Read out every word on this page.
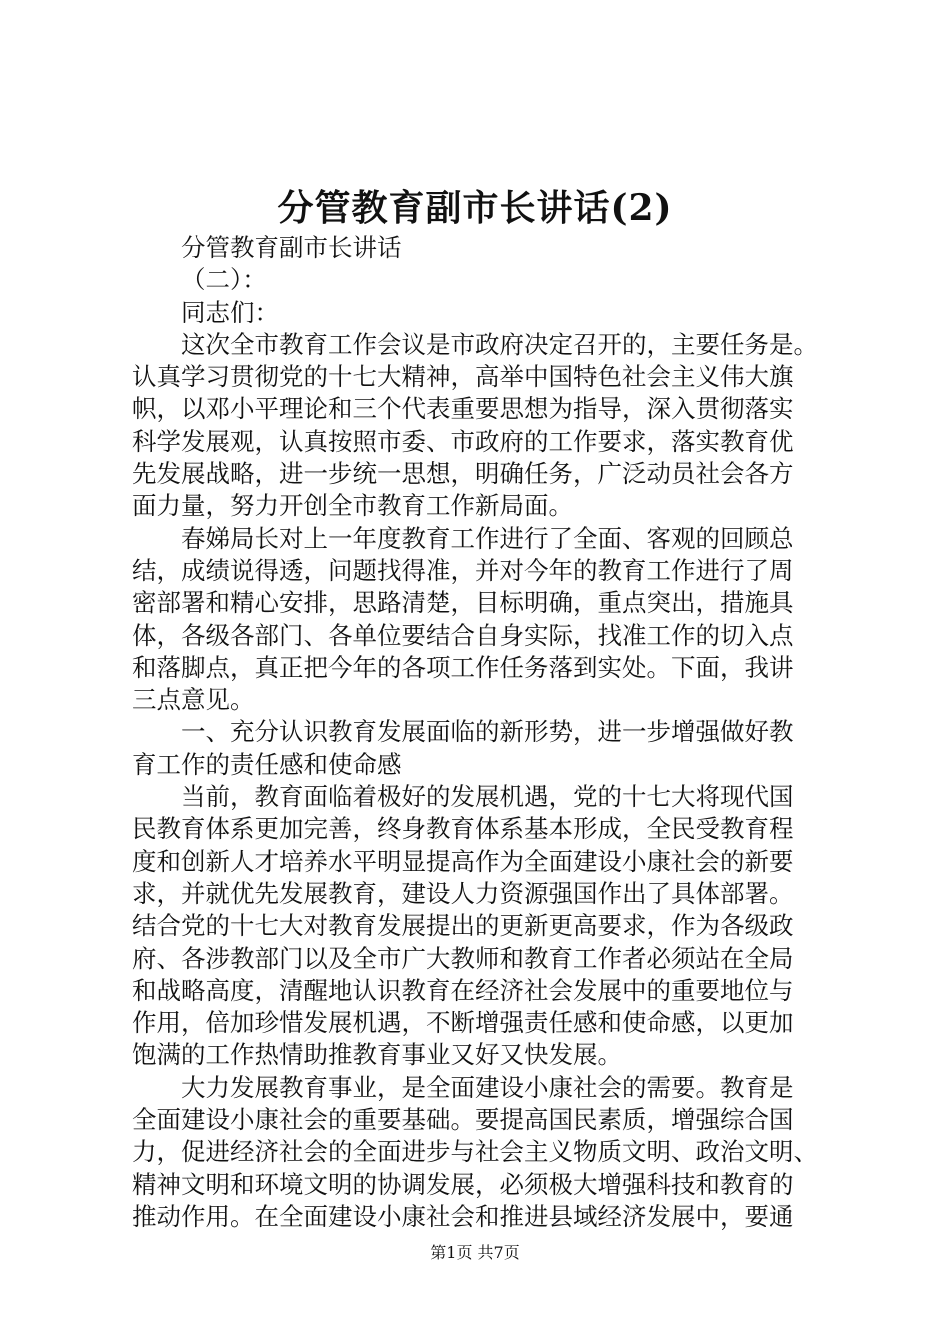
分管教育副市长讲话(2)
分管教育副市长讲话
（二）：
同志们：
这次全市教育工作会议是市政府决定召开的，主要任务是。
认真学习贯彻党的十七大精神，高举中国特色社会主义伟大旗
帜，以邓小平理论和三个代表重要思想为指导，深入贯彻落实
科学发展观，认真按照市委、市政府的工作要求，落实教育优
先发展战略，进一步统一思想，明确任务，广泛动员社会各方
面力量，努力开创全市教育工作新局面。
春娣局长对上一年度教育工作进行了全面、客观的回顾总
结，成绩说得透，问题找得准，并对今年的教育工作进行了周
密部署和精心安排，思路清楚，目标明确，重点突出，措施具
体，各级各部门、各单位要结合自身实际，找准工作的切入点
和落脚点，真正把今年的各项工作任务落到实处。下面，我讲
三点意见。
一、充分认识教育发展面临的新形势，进一步增强做好教
育工作的责任感和使命感
当前，教育面临着极好的发展机遇，党的十七大将现代国
民教育体系更加完善，终身教育体系基本形成，全民受教育程
度和创新人才培养水平明显提高作为全面建设小康社会的新要
求，并就优先发展教育，建设人力资源强国作出了具体部署。
结合党的十七大对教育发展提出的更新更高要求，作为各级政
府、各涉教部门以及全市广大教师和教育工作者必须站在全局
和战略高度，清醒地认识教育在经济社会发展中的重要地位与
作用，倍加珍惜发展机遇，不断增强责任感和使命感，以更加
饱满的工作热情助推教育事业又好又快发展。
大力发展教育事业，是全面建设小康社会的需要。教育是
全面建设小康社会的重要基础。要提高国民素质，增强综合国
力，促进经济社会的全面进步与社会主义物质文明、政治文明、
精神文明和环境文明的协调发展，必须极大增强科技和教育的
推动作用。在全面建设小康社会和推进县域经济发展中，要通
第1页 共7页
